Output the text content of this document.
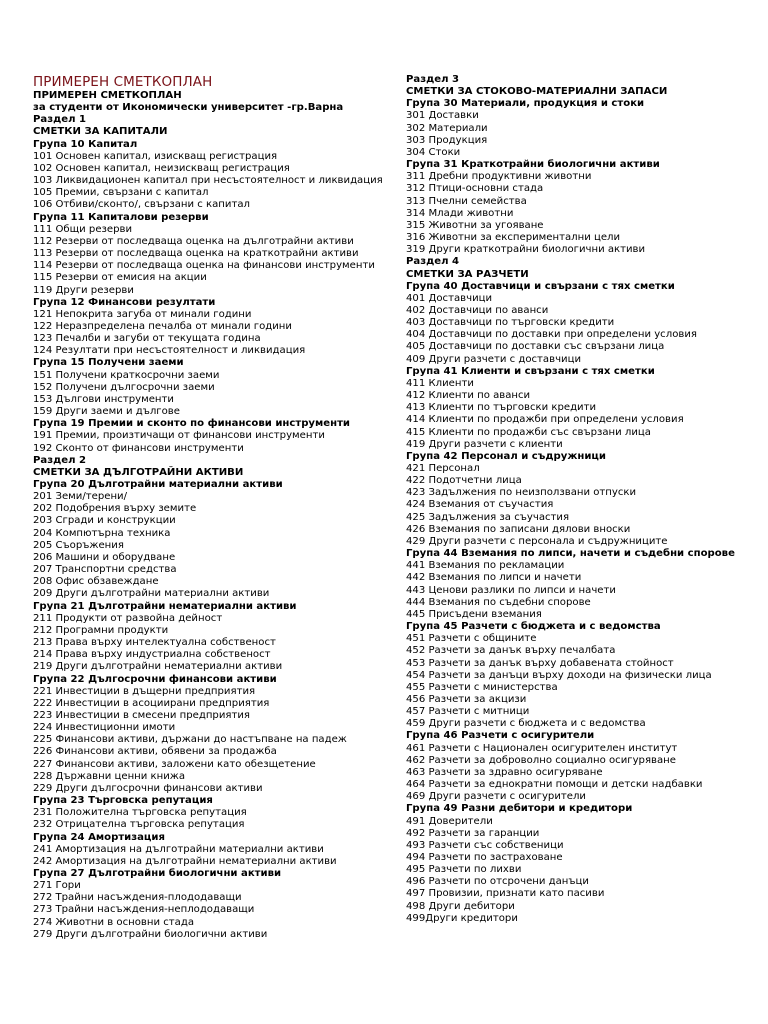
ПРИМЕРЕН СМЕТКОПЛАН
ПРИМЕРЕН СМЕТКОПЛАН
за студенти от Икономически университет -гр.Варна
Раздел 1
СМЕТКИ ЗА КАПИТАЛИ
Група 10 Капитал
101 Основен капитал, изискващ регистрация
102 Основен капитал, неизискващ регистрация
103 Ликвидационен капитал при несъстоятелност и ликвидация
105 Премии, свързани с капитал
106 Отбиви/сконто/, свързани с капитал
Група 11 Капиталови резерви
111 Общи резерви
112 Резерви от последваща оценка на дълготрайни активи
113 Резерви от последваща оценка на краткотрайни активи
114 Резерви от последваща оценка на финансови инструменти
115 Резерви от емисия на акции
119 Други резерви
Група 12 Финансови резултати
121 Непокрита загуба от минали години
122 Неразпределена печалба от минали години
123 Печалби и загуби от текущата година
124 Резултати при несъстоятелност и ликвидация
Група 15 Получени заеми
151 Получени краткосрочни заеми
152 Получени дългосрочни заеми
153 Дългови инструменти
159 Други заеми и дългове
Група 19 Премии и сконто по финансови инструменти
191 Премии, произтичащи от финансови инструменти
192 Сконто от финансови инструменти
Раздел 2
СМЕТКИ ЗА ДЪЛГОТРАЙНИ АКТИВИ
Група 20 Дълготрайни материални активи
201 Земи/терени/
202 Подобрения върху земите
203 Сгради и конструкции
204 Компютърна техника
205 Съоръжения
206 Машини и оборудване
207 Транспортни средства
208 Офис обзавеждане
209 Други дълготрайни материални активи
Група 21 Дълготрайни нематериални активи
211 Продукти от развойна дейност
212 Програмни продукти
213 Права върху интелектуална собственост
214 Права върху индустриална собственост
219 Други дълготрайни нематериални активи
Група 22 Дългосрочни финансови активи
221 Инвестиции в дъщерни предприятия
222 Инвестиции в асоциирани предприятия
223 Инвестиции в смесени предприятия
224 Инвестиционни имоти
225 Финансови активи, държани до настъпване на падеж
226 Финансови активи, обявени за продажба
227 Финансови активи, заложени като обезщетение
228 Държавни ценни книжа
229 Други дългосрочни финансови активи
Група 23 Търговска репутация
231 Положителна търговска репутация
232 Отрицателна търговска репутация
Група 24 Амортизация
241 Амортизация на дълготрайни материални активи
242 Амортизация на дълготрайни нематериални активи
Група 27 Дълготрайни биологични активи
271 Гори
272 Трайни насъждения-плододаващи
273 Трайни насъждения-неплододаващи
274 Животни в основни стада
279 Други дълготрайни биологични активи
Раздел 3
СМЕТКИ ЗА СТОКОВО-МАТЕРИАЛНИ ЗАПАСИ
Група 30 Материали, продукция и стоки
301 Доставки
302 Материали
303 Продукция
304 Стоки
Група 31 Краткотрайни биологични активи
311 Дребни продуктивни животни
312 Птици-основни стада
313 Пчелни семейства
314 Млади животни
315 Животни за угояване
316 Животни за експериментални цели
319 Други краткотрайни биологични активи
Раздел 4
СМЕТКИ ЗА РАЗЧЕТИ
Група 40 Доставчици и свързани с тях сметки
401 Доставчици
402 Доставчици по аванси
403 Доставчици по търговски кредити
404 Доставчици по доставки при определени условия
405 Доставчици по доставки със свързани лица
409 Други разчети с доставчици
Група 41 Клиенти и свързани с тях сметки
411 Клиенти
412 Клиенти по аванси
413 Клиенти по търговски кредити
414 Клиенти по продажби при определени условия
415 Клиенти по продажби със свързани лица
419 Други разчети с клиенти
Група 42 Персонал и съдружници
421 Персонал
422 Подотчетни лица
423 Задължения по неизползвани отпуски
424 Вземания от съучастия
425 Задължения за съучастия
426 Вземания по записани дялови вноски
429 Други разчети с персонала и съдружниците
Група 44 Вземания по липси, начети и съдебни спорове
441 Вземания по рекламации
442 Вземания по липси и начети
443 Ценови разлики по липси и начети
444 Вземания по съдебни спорове
445 Присъдени вземания
Група 45 Разчети с бюджета и с ведомства
451 Разчети с общините
452 Разчети за данък върху печалбата
453 Разчети за данък върху добавената стойност
454 Разчети за данъци върху доходи на физически лица
455 Разчети с министерства
456 Разчети за акцизи
457 Разчети с митници
459 Други разчети с бюджета и с ведомства
Група 46 Разчети с осигурители
461 Разчети с Национален осигурителен институт
462 Разчети за доброволно социално осигуряване
463 Разчети за здравно осигуряване
464 Разчети за еднократни помощи и детски надбавки
469 Други разчети с осигурители
Група 49 Разни дебитори и кредитори
491 Доверители
492 Разчети за гаранции
493 Разчети със собственици
494 Разчети по застраховане
495 Разчети по лихви
496 Разчети по отсрочени данъци
497 Провизии, признати като пасиви
498 Други дебитори
499Други кредитори
